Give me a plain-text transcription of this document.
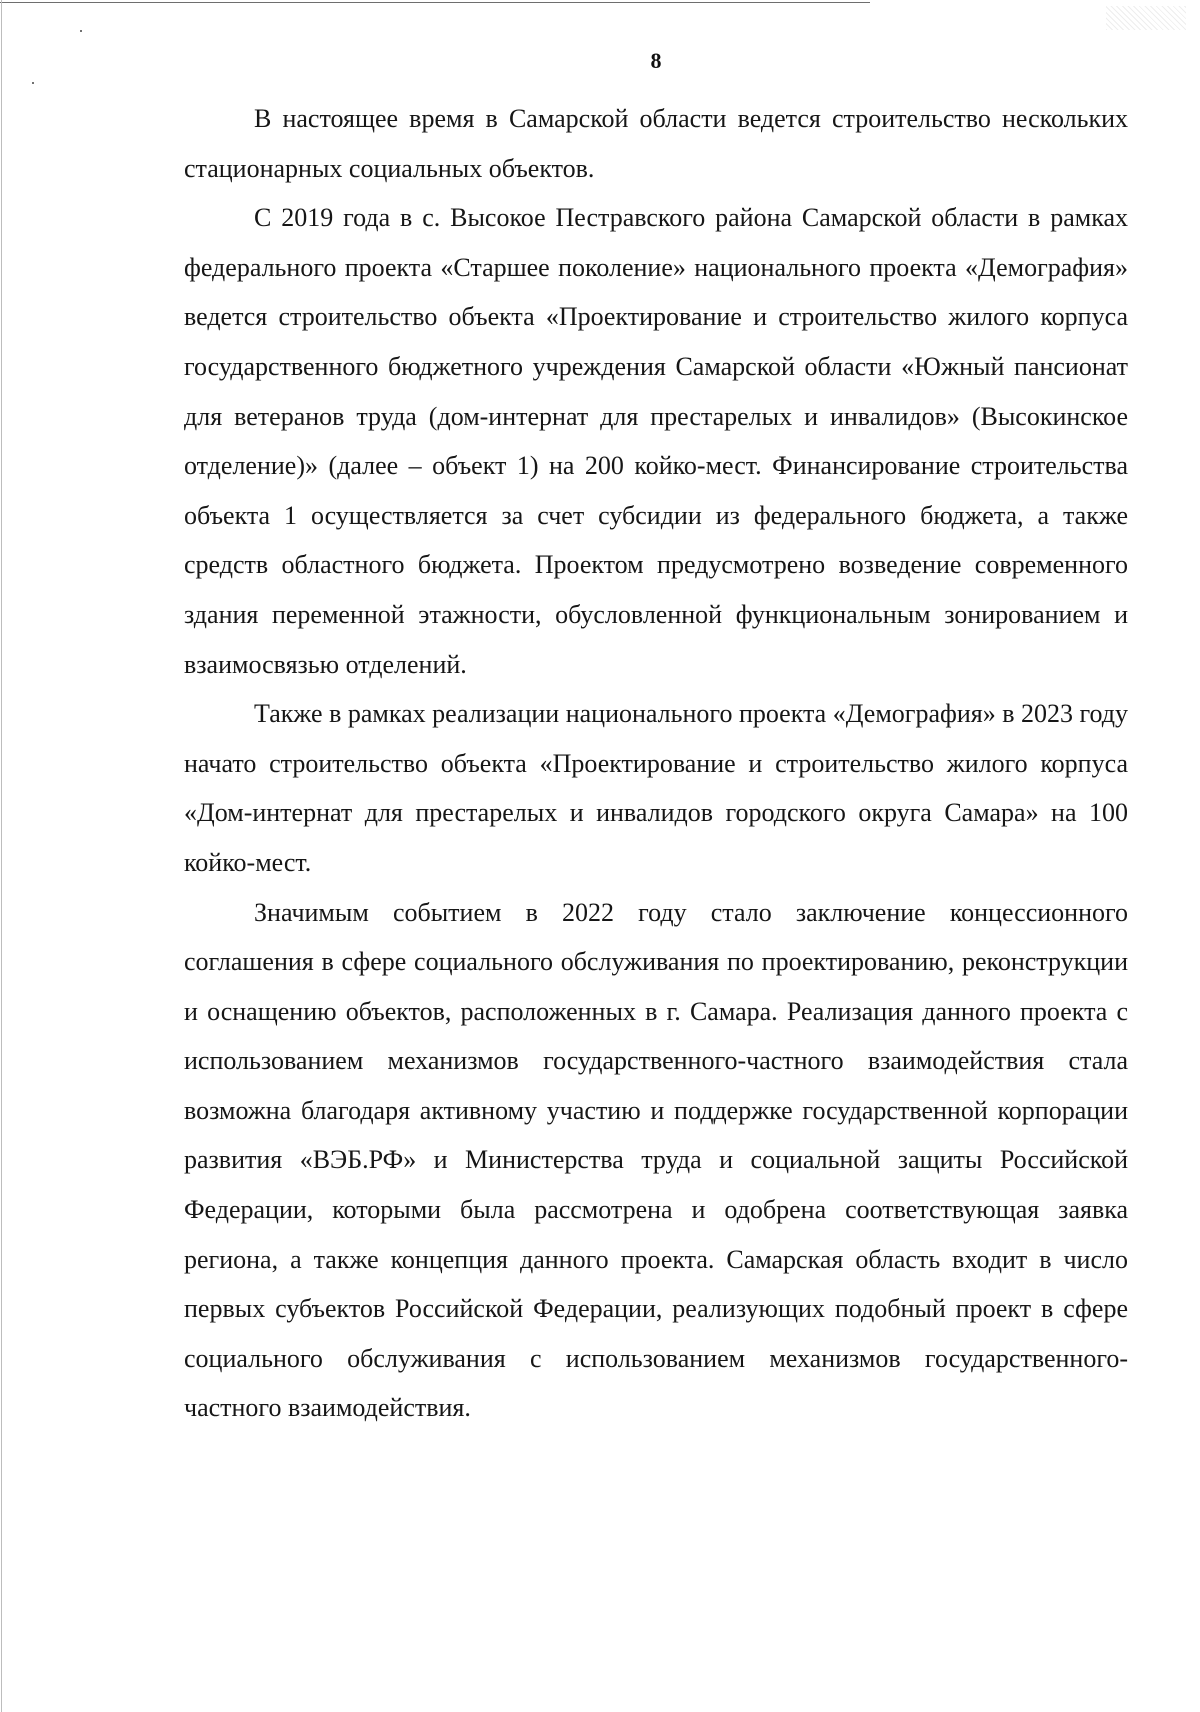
8

В настоящее время в Самарской области ведется строительство нескольких стационарных социальных объектов.

С 2019 года в с. Высокое Пестравского района Самарской области в рамках федерального проекта «Старшее поколение» национального проекта «Демография» ведется строительство объекта «Проектирование и строительство жилого корпуса государственного бюджетного учреждения Самарской области «Южный пансионат для ветеранов труда (дом-интернат для престарелых и инвалидов» (Высокинское отделение)» (далее – объект 1) на 200 койко-мест. Финансирование строительства объекта 1 осуществляется за счет субсидии из федерального бюджета, а также средств областного бюджета. Проектом предусмотрено возведение современного здания переменной этажности, обусловленной функциональным зонированием и взаимосвязью отделений.

Также в рамках реализации национального проекта «Демография» в 2023 году начато строительство объекта «Проектирование и строительство жилого корпуса «Дом-интернат для престарелых и инвалидов городского округа Самара» на 100 койко-мест.

Значимым событием в 2022 году стало заключение концессионного соглашения в сфере социального обслуживания по проектированию, реконструкции и оснащению объектов, расположенных в г. Самара. Реализация данного проекта с использованием механизмов государственного-частного взаимодействия стала возможна благодаря активному участию и поддержке государственной корпорации развития «ВЭБ.РФ» и Министерства труда и социальной защиты Российской Федерации, которыми была рассмотрена и одобрена соответствующая заявка региона, а также концепция данного проекта. Самарская область входит в число первых субъектов Российской Федерации, реализующих подобный проект в сфере социального обслуживания с использованием механизмов государственного-частного взаимодействия.
